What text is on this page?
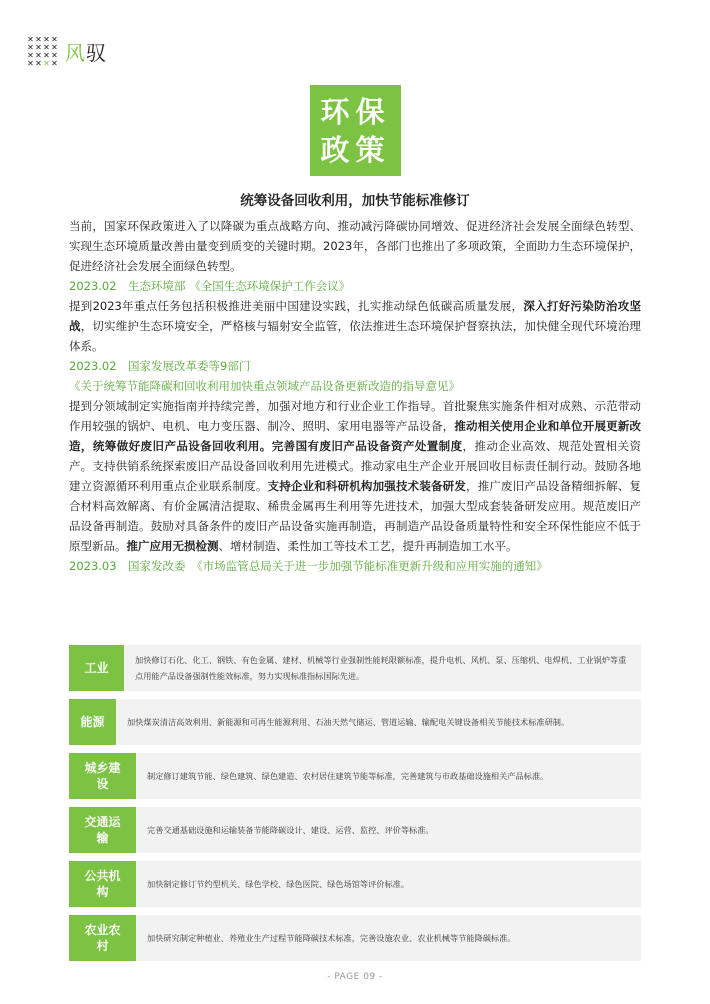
✕ ✕ ✕ ✕
✕ ✕ ✕ ✕
✕ ✕ ✕ ✕
✕ ✕ ✕ ✕ 风驭
环保
政策
统筹设备回收利用，加快节能标准修订

当前，国家环保政策进入了以降碳为重点战略方向、推动减污降碳协同增效、促进经济社会发展全面绿色转型、实现生态环境质量改善由量变到质变的关键时期。2023年，各部门也推出了多项政策，全面助力生态环境保护，促进经济社会发展全面绿色转型。

2023.02　生态环境部 《全国生态环境保护工作会议》

提到2023年重点任务包括积极推进美丽中国建设实践，扎实推动绿色低碳高质量发展，深入打好污染防治攻坚战，切实维护生态环境安全，严格核与辐射安全监管，依法推进生态环境保护督察执法，加快健全现代环境治理体系。

2023.02　国家发展改革委等9部门

《关于统筹节能降碳和回收利用加快重点领域产品设备更新改造的指导意见》

提到分领域制定实施指南并持续完善，加强对地方和行业企业工作指导。首批聚焦实施条件相对成熟、示范带动作用较强的锅炉、电机、电力变压器、制冷、照明、家用电器等产品设备，推动相关使用企业和单位开展更新改造，统筹做好废旧产品设备回收利用。完善国有废旧产品设备资产处置制度，推动企业高效、规范处置相关资产。支持供销系统探索废旧产品设备回收利用先进模式。推动家电生产企业开展回收目标责任制行动。鼓励各地建立资源循环利用重点企业联系制度。支持企业和科研机构加强技术装备研发，推广废旧产品设备精细拆解、复合材料高效解离、有价金属清洁提取、稀贵金属再生利用等先进技术，加强大型成套装备研发应用。规范废旧产品设备再制造。鼓励对具备条件的废旧产品设备实施再制造，再制造产品设备质量特性和安全环保性能应不低于原型新品。推广应用无损检测、增材制造、柔性加工等技术工艺，提升再制造加工水平。

2023.03　国家发改委　《市场监管总局关于进一步加强节能标准更新升级和应用实施的通知》

工业
加快修订石化、化工、钢铁、有色金属、建材、机械等行业强制性能耗限额标准，提升电机、风机、泵、压缩机、电焊机、工业锅炉等重点用能产品设备强制性能效标准，努力实现标准指标国际先进。
能源	加快煤炭清洁高效利用、新能源和可再生能源利用、石油天然气储运、管道运输、输配电关键设备相关节能技术标准研制。
城乡建设
制定修订建筑节能、绿色建筑、绿色建造、农村居住建筑节能等标准，完善建筑与市政基础设施相关产品标准。
交通运输
完善交通基础设施和运输装备节能降碳设计、建设、运营、监控、评价等标准。
公共机构
加快制定修订节约型机关、绿色学校、绿色医院、绿色场馆等评价标准。
农业农村
加快研究制定种植业、养殖业生产过程节能降碳技术标准，完善设施农业、农业机械等节能降碳标准。
- PAGE 09 -
